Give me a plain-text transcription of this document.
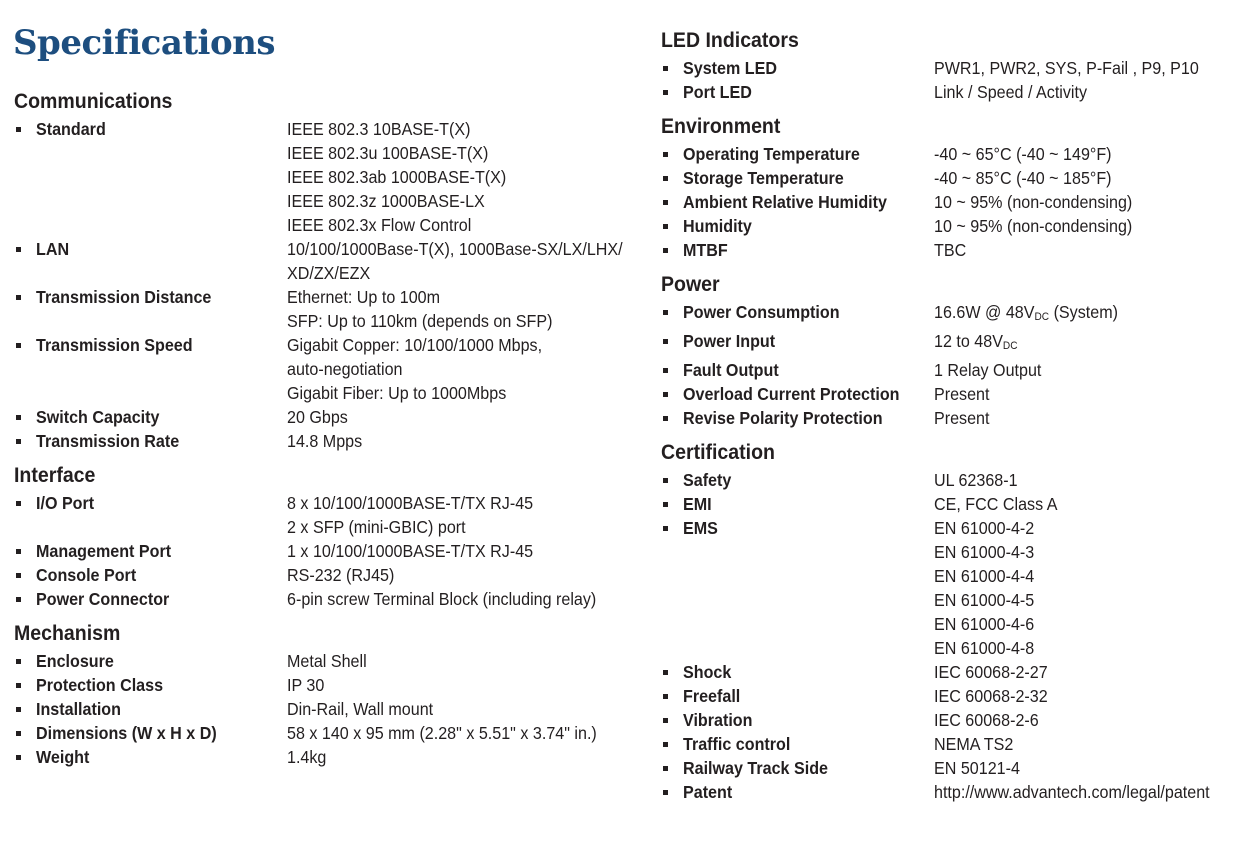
Specifications
Communications
Standard	IEEE 802.3 10BASE-T(X)
IEEE 802.3u 100BASE-T(X)
IEEE 802.3ab 1000BASE-T(X)
IEEE 802.3z 1000BASE-LX
IEEE 802.3x Flow Control
LAN	10/100/1000Base-T(X), 1000Base-SX/LX/LHX/
XD/ZX/EZX
Transmission Distance	Ethernet: Up to 100m
SFP: Up to 110km (depends on SFP)
Transmission Speed	Gigabit Copper: 10/100/1000 Mbps,
auto-negotiation
Gigabit Fiber: Up to 1000Mbps
Switch Capacity	20 Gbps
Transmission Rate	14.8 Mpps
Interface
I/O Port	8 x 10/100/1000BASE-T/TX RJ-45
2 x SFP (mini-GBIC) port
Management Port	1 x 10/100/1000BASE-T/TX RJ-45
Console Port	RS-232 (RJ45)
Power Connector	6-pin screw Terminal Block (including relay)
Mechanism
Enclosure	Metal Shell
Protection Class	IP 30
Installation	Din-Rail, Wall mount
Dimensions (W x H x D)	58 x 140 x 95 mm (2.28" x 5.51" x 3.74" in.)
Weight	1.4kg
LED Indicators
System LED	PWR1, PWR2, SYS, P-Fail , P9, P10
Port LED	Link / Speed / Activity
Environment
Operating Temperature	-40 ~ 65°C (-40 ~ 149°F)
Storage Temperature	-40 ~ 85°C (-40 ~ 185°F)
Ambient Relative Humidity	10 ~ 95% (non-condensing)
Humidity	10 ~ 95% (non-condensing)
MTBF	TBC
Power
Power Consumption	16.6W @ $48V_{DC}$ (System)
Power Input	12 to $48V_{DC}$
Fault Output	1 Relay Output
Overload Current Protection	Present
Revise Polarity Protection	Present
Certification
Safety	UL 62368-1
EMI	CE, FCC Class A
EMS	EN 61000-4-2
EN 61000-4-3
EN 61000-4-4
EN 61000-4-5
EN 61000-4-6
EN 61000-4-8
Shock	IEC 60068-2-27
Freefall	IEC 60068-2-32
Vibration	IEC 60068-2-6
Traffic control	NEMA TS2
Railway Track Side	EN 50121-4
Patent	http://www.advantech.com/legal/patent
